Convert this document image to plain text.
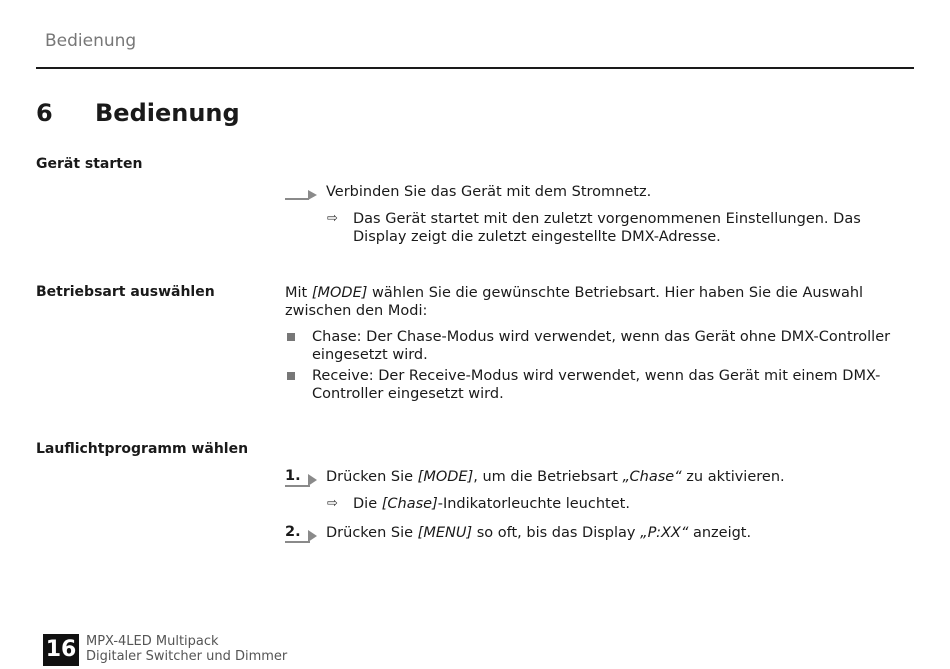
Bedienung
6 Bedienung
Gerät starten
Verbinden Sie das Gerät mit dem Stromnetz.
⇨ Das Gerät startet mit den zuletzt vorgenommenen Einstellungen. Das Display zeigt die zuletzt eingestellte DMX-Adresse.
Betriebsart auswählen	Mit [MODE] wählen Sie die gewünschte Betriebsart. Hier haben Sie die Auswahl zwischen den Modi:
Chase: Der Chase-Modus wird verwendet, wenn das Gerät ohne DMX-Controller eingesetzt wird.
Receive: Der Receive-Modus wird verwendet, wenn das Gerät mit einem DMX-Controller eingesetzt wird.
Lauflichtprogramm wählen
1. Drücken Sie [MODE], um die Betriebsart „Chase“ zu aktivieren.
⇨ Die [Chase]-Indikatorleuchte leuchtet.
2. Drücken Sie [MENU] so oft, bis das Display „P:XX“ anzeigt.
16 MPX-4LED Multipack
Digitaler Switcher und Dimmer
